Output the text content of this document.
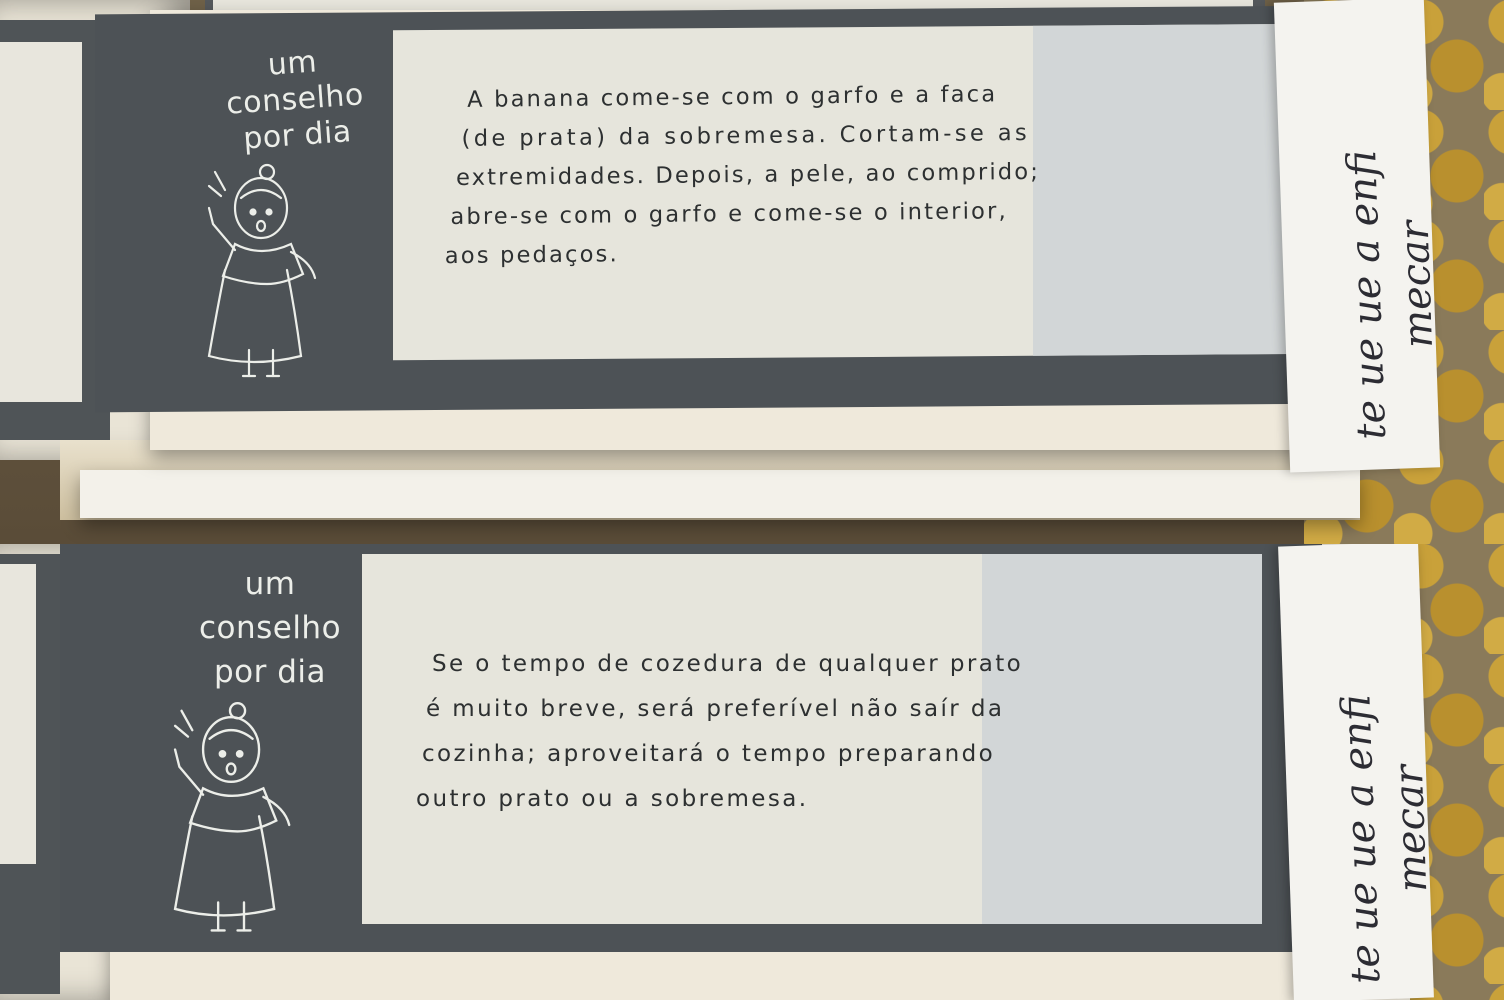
um
conselho
por dia
A banana come-se com o garfo e a faca
(de prata) da sobremesa. Cortam-se as
extremidades. Depois, a pele, ao comprido;
abre-se com o garfo e come-se o interior,
aos pedaços.	te ue ue a enfi
mecar
um
conselho
por dia	Se o tempo de cozedura de qualquer prato
é muito breve, será preferível não saír da
cozinha; aproveitará o tempo preparando
outro prato ou a sobremesa.	te ue ue a enfi
mecar
